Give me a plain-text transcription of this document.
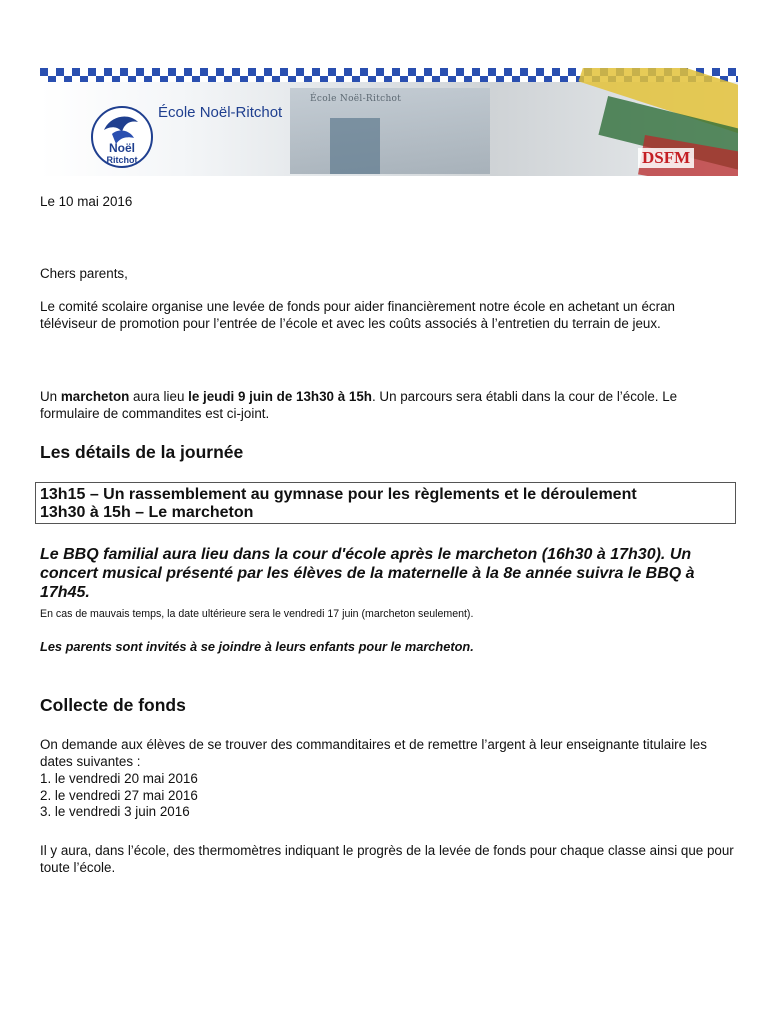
École Noël-Ritchot
Noël
Ritchot
École Noël-Ritchot
DSFM

Le 10 mai 2016

Chers parents,

Le comité scolaire organise une levée de fonds pour aider financièrement notre école en achetant un écran téléviseur de promotion pour l’entrée de l’école et avec les coûts associés à l’entretien du terrain de jeux.

Un marcheton aura lieu le jeudi 9 juin de 13h30 à 15h. Un parcours sera établi dans la cour de l’école. Le formulaire de commandites est ci-joint.

Les détails de la journée

13h15 – Un rassemblement au gymnase pour les règlements et le déroulement
13h30 à 15h – Le marcheton

Le BBQ familial aura lieu dans la cour d'école après le marcheton (16h30 à 17h30). Un concert musical présenté par les élèves de la maternelle à la 8e année suivra le BBQ à 17h45.

En cas de mauvais temps, la date ultérieure sera le vendredi 17 juin (marcheton seulement).

Les parents sont invités à se joindre à leurs enfants pour le marcheton.

Collecte de fonds

On demande aux élèves de se trouver des commanditaires et de remettre l’argent à leur enseignante titulaire les dates suivantes :

1. le vendredi 20 mai 2016
2. le vendredi 27 mai 2016
3. le vendredi 3 juin 2016

Il y aura, dans l’école, des thermomètres indiquant le progrès de la levée de fonds pour chaque classe ainsi que pour toute l’école.
